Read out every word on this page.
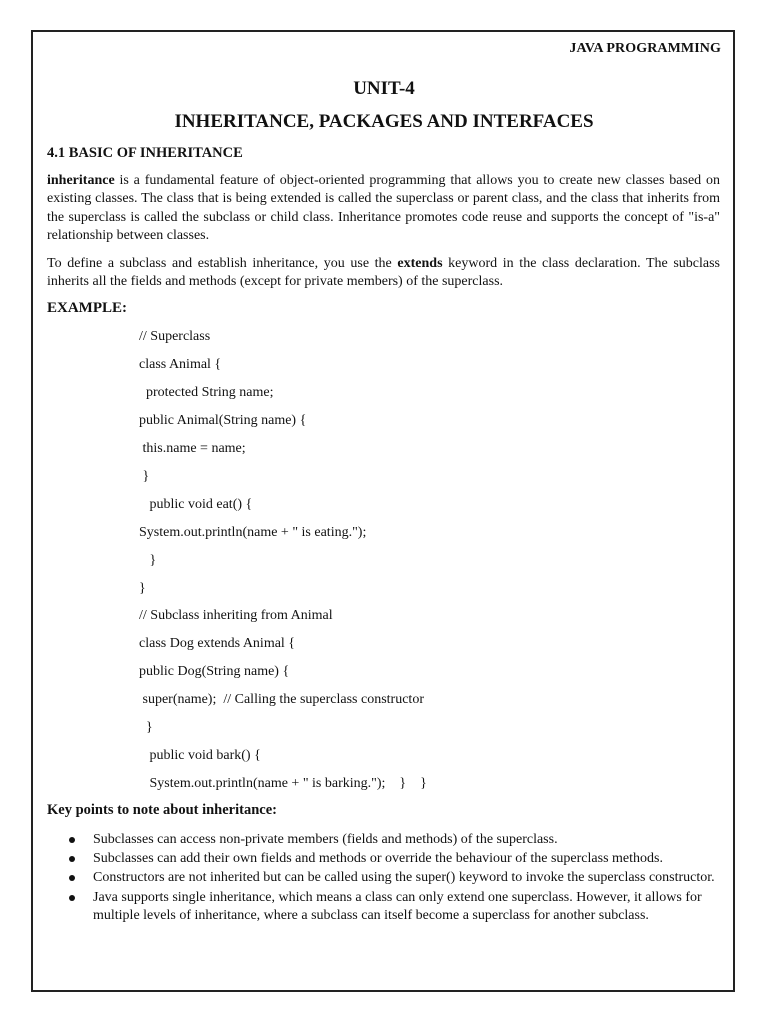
JAVA PROGRAMMING
UNIT-4
INHERITANCE, PACKAGES AND INTERFACES
4.1 BASIC OF INHERITANCE
inheritance is a fundamental feature of object-oriented programming that allows you to create new classes based on existing classes. The class that is being extended is called the superclass or parent class, and the class that inherits from the superclass is called the subclass or child class. Inheritance promotes code reuse and supports the concept of "is-a" relationship between classes.
To define a subclass and establish inheritance, you use the extends keyword in the class declaration. The subclass inherits all the fields and methods (except for private members) of the superclass.
EXAMPLE:
// Superclass
class Animal {
protected String name;
public Animal(String name) {
this.name = name;
}
public void eat() {
System.out.println(name + " is eating.");
}
}
// Subclass inheriting from Animal
class Dog extends Animal {
public Dog(String name) {
super(name);  // Calling the superclass constructor
}
public void bark() {
System.out.println(name + " is barking.");    }    }
Key points to note about inheritance:
Subclasses can access non-private members (fields and methods) of the superclass.
Subclasses can add their own fields and methods or override the behaviour of the superclass methods.
Constructors are not inherited but can be called using the super() keyword to invoke the superclass constructor.
Java supports single inheritance, which means a class can only extend one superclass. However, it allows for multiple levels of inheritance, where a subclass can itself become a superclass for another subclass.
